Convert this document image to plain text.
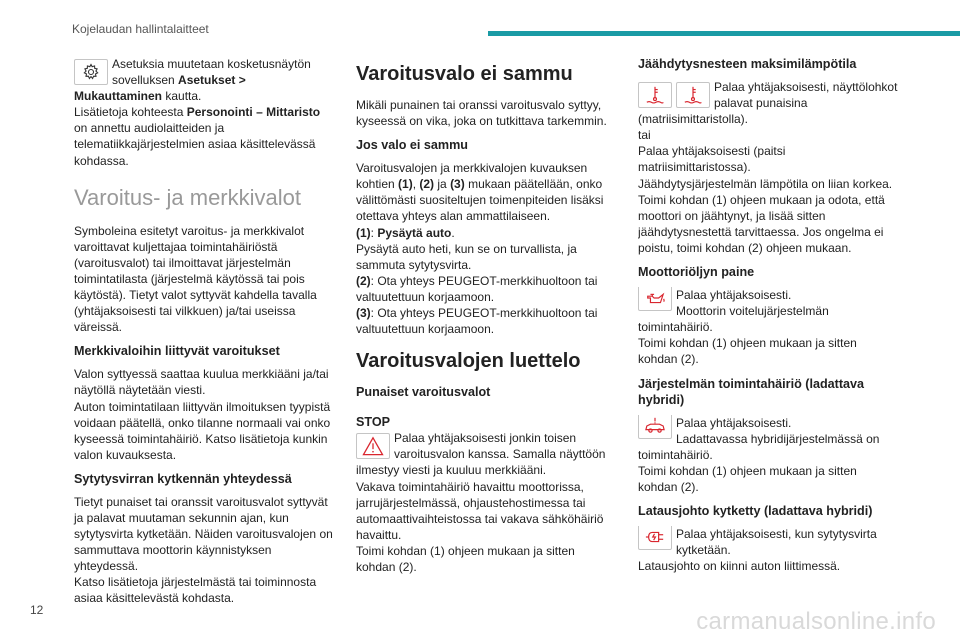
Kojelaudan hallintalaitteet
Asetuksia muutetaan kosketusnäytön sovelluksen Asetukset > Mukauttaminen kautta.

Lisätietoja kohteesta Personointi – Mittaristo on annettu audiolaitteiden ja telematiikkajärjestelmien asiaa käsittelevässä kohdassa.

Varoitus- ja merkkivalot

Symboleina esitetyt varoitus- ja merkkivalot varoittavat kuljettajaa toimintahäiriöstä (varoitusvalot) tai ilmoittavat järjestelmän toimintatilasta (järjestelmä käytössä tai pois käytöstä). Tietyt valot syttyvät kahdella tavalla (yhtäjaksoisesti tai vilkkuen) ja/tai useissa väreissä.

Merkkivaloihin liittyvät varoitukset

Valon syttyessä saattaa kuulua merkkiääni ja/tai näytöllä näytetään viesti.
Auton toimintatilaan liittyvän ilmoituksen tyypistä voidaan päätellä, onko tilanne normaali vai onko kyseessä toimintahäiriö. Katso lisätietoja kunkin valon kuvauksesta.

Sytytysvirran kytkennän yhteydessä

Tietyt punaiset tai oranssit varoitusvalot syttyvät ja palavat muutaman sekunnin ajan, kun sytytysvirta kytketään. Näiden varoitusvalojen on sammuttava moottorin käynnistyksen yhteydessä.
Katso lisätietoja järjestelmästä tai toiminnosta asiaa käsittelevästä kohdasta.

Varoitusvalo ei sammu

Mikäli punainen tai oranssi varoitusvalo syttyy, kyseessä on vika, joka on tutkittava tarkemmin.

Jos valo ei sammu

Varoitusvalojen ja merkkivalojen kuvauksen kohtien (1), (2) ja (3) mukaan päätellään, onko välittömästi suositeltujen toimenpiteiden lisäksi otettava yhteys alan ammattilaiseen.
(1): Pysäytä auto.
Pysäytä auto heti, kun se on turvallista, ja sammuta sytytysvirta.
(2): Ota yhteys PEUGEOT-merkkihuoltoon tai valtuutettuun korjaamoon.
(3): Ota yhteys PEUGEOT-merkkihuoltoon tai valtuutettuun korjaamoon.

Varoitusvalojen luettelo
Punaiset varoitusvalot
STOP
Palaa yhtäjaksoisesti jonkin toisen varoitusvalon kanssa. Samalla näyttöön ilmestyy viesti ja kuuluu merkkiääni.
Vakava toimintahäiriö havaittu moottorissa, jarrujärjestelmässä, ohjaustehostimessa tai automaattivaihteistossa tai vakava sähköhäiriö havaittu.
Toimi kohdan (1) ohjeen mukaan ja sitten kohdan (2).
Jäähdytysnesteen maksimilämpötila
Palaa yhtäjaksoisesti, näyttölohkot palavat punaisina (matriisimittaristolla).
tai
Palaa yhtäjaksoisesti (paitsi matriisimittaristossa).
Jäähdytysjärjestelmän lämpötila on liian korkea. Toimi kohdan (1) ohjeen mukaan ja odota, että moottori on jäähtynyt, ja lisää sitten jäähdytysnestettä tarvittaessa. Jos ongelma ei poistu, toimi kohdan (2) ohjeen mukaan.
Moottoriöljyn paine
Palaa yhtäjaksoisesti.
Moottorin voitelujärjestelmän toimintahäiriö.
Toimi kohdan (1) ohjeen mukaan ja sitten kohdan (2).
Järjestelmän toimintahäiriö (ladattava hybridi)
Palaa yhtäjaksoisesti.
Ladattavassa hybridijärjestelmässä on toimintahäiriö.
Toimi kohdan (1) ohjeen mukaan ja sitten kohdan (2).
Latausjohto kytketty (ladattava hybridi)
Palaa yhtäjaksoisesti, kun sytytysvirta kytketään.
Latausjohto on kiinni auton liittimessä.
12	carmanualsonline.info
